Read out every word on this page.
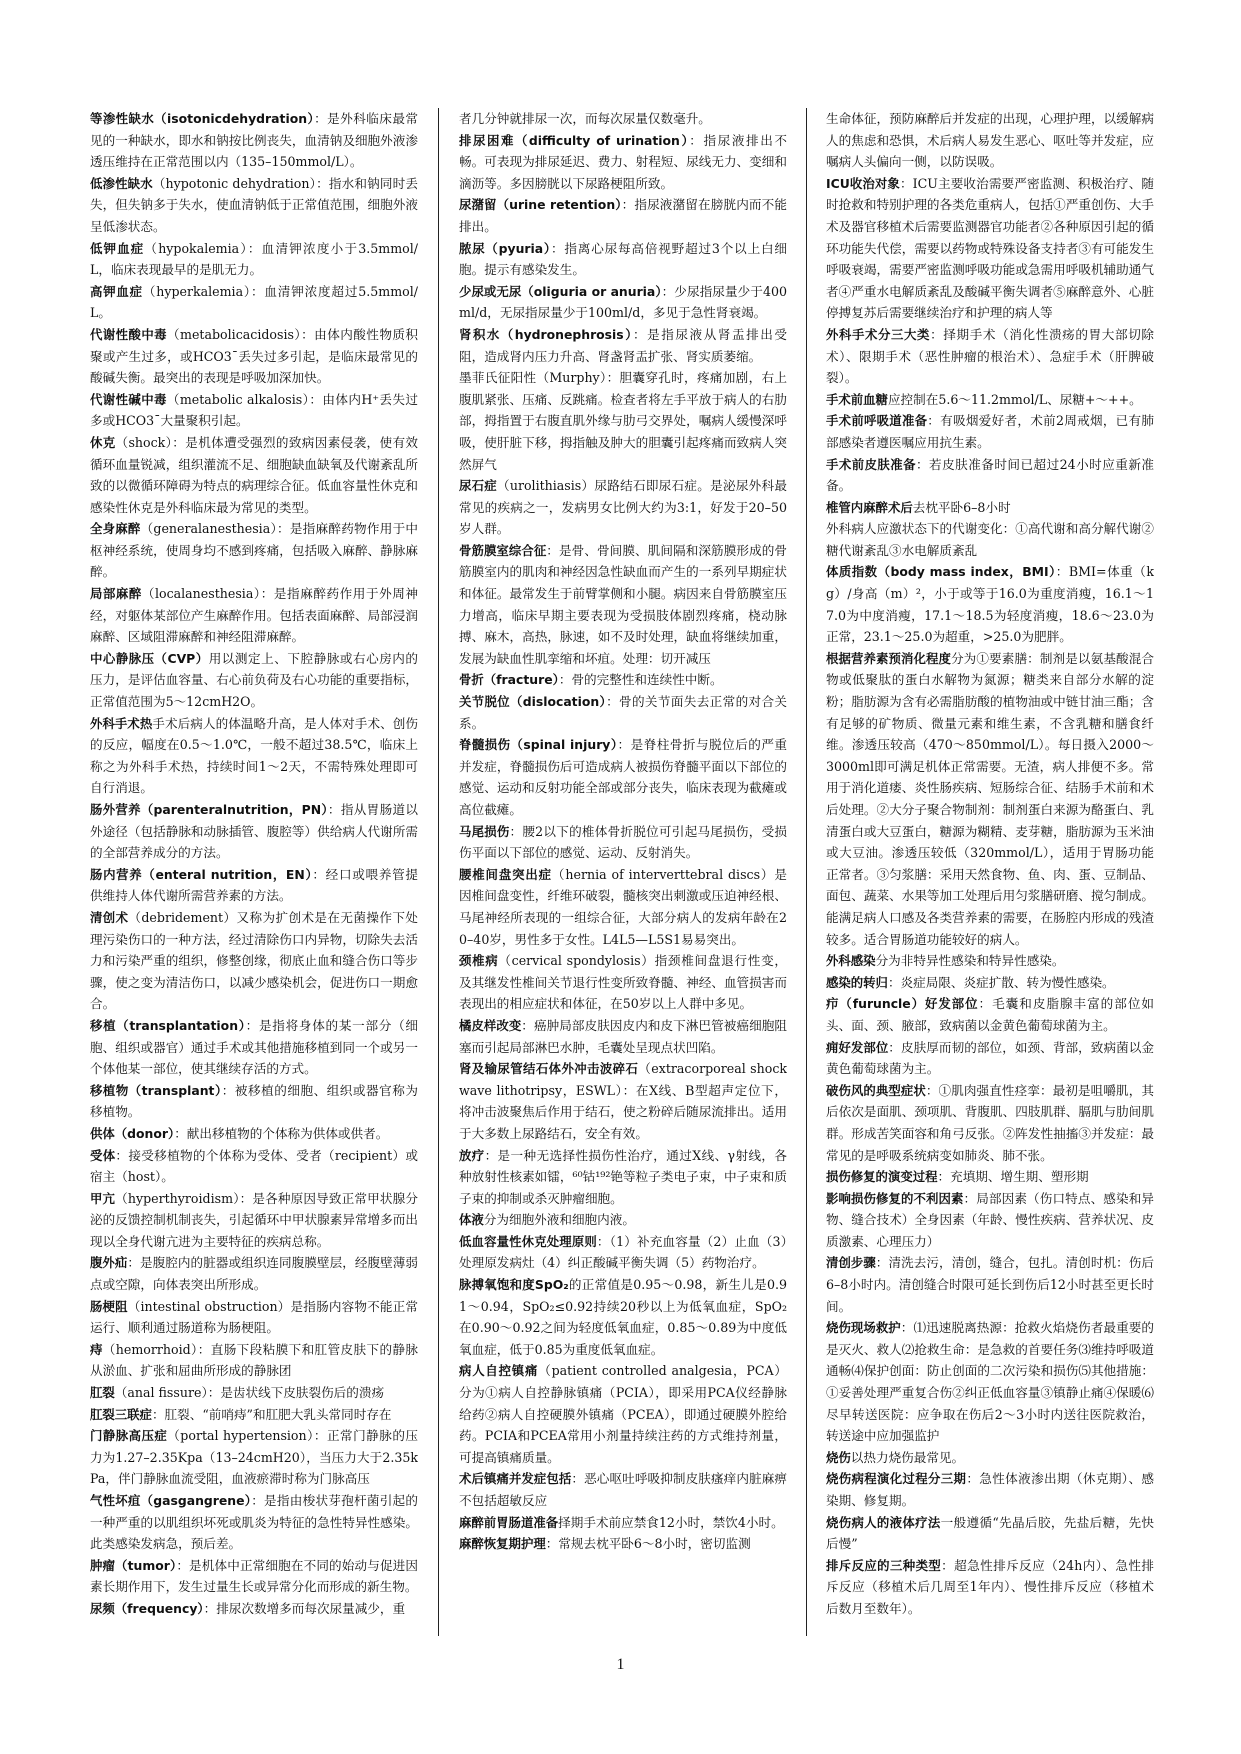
等渗性缺水（isotonicdehydration）：是外科临床最常见的一种缺水，即水和钠按比例丧失，血清钠及细胞外液渗透压维持在正常范围以内（135–150mmol/L）。

低渗性缺水（hypotonic dehydration）：指水和钠同时丢失，但失钠多于失水，使血清钠低于正常值范围，细胞外液呈低渗状态。

低钾血症（hypokalemia）：血清钾浓度小于3.5mmol/L，临床表现最早的是肌无力。

高钾血症（hyperkalemia）：血清钾浓度超过5.5mmol/L。

代谢性酸中毒（metabolicacidosis）：由体内酸性物质积聚或产生过多，或HCO3¯丢失过多引起，是临床最常见的酸碱失衡。最突出的表现是呼吸加深加快。

代谢性碱中毒（metabolic alkalosis）：由体内H⁺丢失过多或HCO3¯大量聚积引起。

休克（shock）：是机体遭受强烈的致病因素侵袭，使有效循环血量锐减，组织灌流不足、细胞缺血缺氧及代谢紊乱所致的以微循环障碍为特点的病理综合征。低血容量性休克和感染性休克是外科临床最为常见的类型。

全身麻醉（generalanesthesia）：是指麻醉药物作用于中枢神经系统，使周身均不感到疼痛，包括吸入麻醉、静脉麻醉。

局部麻醉（localanesthesia）：是指麻醉药作用于外周神经，对躯体某部位产生麻醉作用。包括表面麻醉、局部浸润麻醉、区域阻滞麻醉和神经阻滞麻醉。

中心静脉压（CVP）用以测定上、下腔静脉或右心房内的压力，是评估血容量、右心前负荷及右心功能的重要指标，正常值范围为5～12cmH2O。

外科手术热手术后病人的体温略升高，是人体对手术、创伤的反应，幅度在0.5～1.0℃，一般不超过38.5℃，临床上称之为外科手术热，持续时间1～2天，不需特殊处理即可自行消退。

肠外营养（parenteralnutrition，PN）：指从胃肠道以外途径（包括静脉和动脉插管、腹腔等）供给病人代谢所需的全部营养成分的方法。

肠内营养（enteral nutrition，EN）：经口或喂养管提供维持人体代谢所需营养素的方法。

清创术（debridement）又称为扩创术是在无菌操作下处理污染伤口的一种方法，经过清除伤口内异物，切除失去活力和污染严重的组织，修整创缘，彻底止血和缝合伤口等步骤，使之变为清洁伤口，以减少感染机会，促进伤口一期愈合。

移植（transplantation）：是指将身体的某一部分（细胞、组织或器官）通过手术或其他措施移植到同一个或另一个体他某一部位，使其继续存活的方式。

移植物（transplant）：被移植的细胞、组织或器官称为移植物。

供体（donor）：献出移植物的个体称为供体或供者。

受体：接受移植物的个体称为受体、受者（recipient）或宿主（host）。

甲亢（hyperthyroidism）：是各种原因导致正常甲状腺分泌的反馈控制机制丧失，引起循环中甲状腺素异常增多而出现以全身代谢亢进为主要特征的疾病总称。

腹外疝：是腹腔内的脏器或组织连同腹膜壁层，经腹壁薄弱点或空隙，向体表突出所形成。

肠梗阻（intestinal obstruction）是指肠内容物不能正常运行、顺利通过肠道称为肠梗阻。

痔（hemorrhoid）：直肠下段粘膜下和肛管皮肤下的静脉从淤血、扩张和屈曲所形成的静脉团

肛裂（anal fissure）：是齿状线下皮肤裂伤后的溃疡

肛裂三联症：肛裂、“前哨痔”和肛肥大乳头常同时存在

门静脉高压症（portal hypertension）：正常门静脉的压力为1.27–2.35Kpa（13–24cmH20），当压力大于2.35kPa，伴门静脉血流受阻，血液瘀滞时称为门脉高压

气性坏疽（gasgangrene）：是指由梭状芽孢杆菌引起的一种严重的以肌组织坏死或肌炎为特征的急性特异性感染。此类感染发病急，预后差。

肿瘤（tumor）：是机体中正常细胞在不同的始动与促进因素长期作用下，发生过量生长或异常分化而形成的新生物。

尿频（frequency）：排尿次数增多而每次尿量减少，重

者几分钟就排尿一次，而每次尿量仅数毫升。

排尿困难（difficulty of urination）：指尿液排出不畅。可表现为排尿延迟、费力、射程短、尿线无力、变细和滴沥等。多因膀胱以下尿路梗阻所致。

尿潴留（urine retention）：指尿液潴留在膀胱内而不能排出。

脓尿（pyuria）：指离心尿每高倍视野超过3个以上白细胞。提示有感染发生。

少尿或无尿（oliguria or anuria）：少尿指尿量少于400ml/d，无尿指尿量少于100ml/d，多见于急性肾衰竭。

肾积水（hydronephrosis）：是指尿液从肾盂排出受阻，造成肾内压力升高、肾盏肾盂扩张、肾实质萎缩。

墨菲氏征阳性（Murphy）：胆囊穿孔时，疼痛加剧，右上腹肌紧张、压痛、反跳痛。检查者将左手平放于病人的右肋部，拇指置于右腹直肌外缘与肋弓交界处，嘱病人缓慢深呼吸，使肝脏下移，拇指触及肿大的胆囊引起疼痛而致病人突然屏气

尿石症（urolithiasis）尿路结石即尿石症。是泌尿外科最常见的疾病之一，发病男女比例大约为3:1，好发于20–50岁人群。

骨筋膜室综合征：是骨、骨间膜、肌间隔和深筋膜形成的骨筋膜室内的肌肉和神经因急性缺血而产生的一系列早期症状和体征。最常发生于前臂掌侧和小腿。病因来自骨筋膜室压力增高，临床早期主要表现为受损肢体剧烈疼痛，桡动脉搏、麻木，高热，脉速，如不及时处理，缺血将继续加重，发展为缺血性肌挛缩和坏疽。处理：切开减压

骨折（fracture）：骨的完整性和连续性中断。

关节脱位（dislocation）：骨的关节面失去正常的对合关系。

脊髓损伤（spinal injury）：是脊柱骨折与脱位后的严重并发症，脊髓损伤后可造成病人被损伤脊髓平面以下部位的感觉、运动和反射功能全部或部分丧失，临床表现为截瘫或高位截瘫。

马尾损伤：腰2以下的椎体骨折脱位可引起马尾损伤，受损伤平面以下部位的感觉、运动、反射消失。

腰椎间盘突出症（hernia of interverttebral discs）是因椎间盘变性，纤维环破裂，髓核突出刺激或压迫神经根、马尾神经所表现的一组综合征，大部分病人的发病年龄在20–40岁，男性多于女性。L4L5—L5S1易易突出。

颈椎病（cervical spondylosis）指颈椎间盘退行性变，及其继发性椎间关节退行性变所致脊髓、神经、血管损害而表现出的相应症状和体征，在50岁以上人群中多见。

橘皮样改变：癌肿局部皮肤因皮内和皮下淋巴管被癌细胞阻塞而引起局部淋巴水肿，毛囊处呈现点状凹陷。

肾及输尿管结石体外冲击波碎石（extracorporeal shockwave lithotripsy，ESWL）：在X线、B型超声定位下，将冲击波聚焦后作用于结石，使之粉碎后随尿流排出。适用于大多数上尿路结石，安全有效。

放疗：是一种无选择性损伤性治疗，通过X线、γ射线，各种放射性核素如镭，⁶⁰钴¹⁹²铯等粒子类电子束，中子束和质子束的抑制或杀灭肿瘤细胞。

体液分为细胞外液和细胞内液。

低血容量性休克处理原则：（1）补充血容量（2）止血（3）处理原发病灶（4）纠正酸碱平衡失调（5）药物治疗。

脉搏氧饱和度SpO₂的正常值是0.95～0.98，新生儿是0.91～0.94，SpO₂≤0.92持续20秒以上为低氧血症，SpO₂在0.90～0.92之间为轻度低氧血症，0.85～0.89为中度低氧血症，低于0.85为重度低氧血症。

病人自控镇痛（patient controlled analgesia，PCA）分为①病人自控静脉镇痛（PCIA），即采用PCA仪经静脉给药②病人自控硬膜外镇痛（PCEA），即通过硬膜外腔给药。PCIA和PCEA常用小剂量持续注药的方式维持剂量，可提高镇痛质量。

术后镇痛并发症包括：恶心呕吐呼吸抑制皮肤瘙痒内脏麻痹不包括超敏反应

麻醉前胃肠道准备择期手术前应禁食12小时，禁饮4小时。

麻醉恢复期护理：常规去枕平卧6～8小时，密切监测

生命体征，预防麻醉后并发症的出现，心理护理，以缓解病人的焦虑和恐惧，术后病人易发生恶心、呕吐等并发症，应嘱病人头偏向一侧，以防误吸。

ICU收治对象：ICU主要收治需要严密监测、积极治疗、随时抢救和特别护理的各类危重病人，包括①严重创伤、大手术及器官移植术后需要监测器官功能者②各种原因引起的循环功能失代偿，需要以药物或特殊设备支持者③有可能发生呼吸衰竭，需要严密监测呼吸功能或急需用呼吸机辅助通气者④严重水电解质紊乱及酸碱平衡失调者⑤麻醉意外、心脏停搏复苏后需要继续治疗和护理的病人等

外科手术分三大类：择期手术（消化性溃疡的胃大部切除术）、限期手术（恶性肿瘤的根治术）、急症手术（肝脾破裂）。

手术前血糖应控制在5.6～11.2mmol/L、尿糖+～++。

手术前呼吸道准备：有吸烟爱好者，术前2周戒烟，已有肺部感染者遵医嘱应用抗生素。

手术前皮肤准备：若皮肤准备时间已超过24小时应重新准备。

椎管内麻醉术后去枕平卧6–8小时

外科病人应激状态下的代谢变化：①高代谢和高分解代谢②糖代谢紊乱③水电解质紊乱

体质指数（body mass index，BMI）：BMI=体重（kg）/身高（m）²，小于或等于16.0为重度消瘦，16.1～17.0为中度消瘦，17.1～18.5为轻度消瘦，18.6～23.0为正常，23.1～25.0为超重，>25.0为肥胖。

根据营养素预消化程度分为①要素膳：制剂是以氨基酸混合物或低聚肽的蛋白水解物为氮源；糖类来自部分水解的淀粉；脂肪源为含有必需脂肪酸的植物油或中链甘油三酯；含有足够的矿物质、微量元素和维生素，不含乳糖和膳食纤维。渗透压较高（470～850mmol/L）。每日摄入2000～3000ml即可满足机体正常需要。无渣，病人排便不多。常用于消化道瘘、炎性肠疾病、短肠综合征、结肠手术前和术后处理。②大分子聚合物制剂：制剂蛋白来源为酪蛋白、乳清蛋白或大豆蛋白，糖源为糊精、麦芽糖，脂肪源为玉米油或大豆油。渗透压较低（320mmol/L），适用于胃肠功能正常者。③匀浆膳：采用天然食物、鱼、肉、蛋、豆制品、面包、蔬菜、水果等加工处理后用匀浆膳研磨、搅匀制成。能满足病人口感及各类营养素的需要，在肠腔内形成的残渣较多。适合胃肠道功能较好的病人。

外科感染分为非特异性感染和特异性感染。

感染的转归：炎症局限、炎症扩散、转为慢性感染。

疖（furuncle）好发部位：毛囊和皮脂腺丰富的部位如头、面、颈、腋部，致病菌以金黄色葡萄球菌为主。

痈好发部位：皮肤厚而韧的部位，如颈、背部，致病菌以金黄色葡萄球菌为主。

破伤风的典型症状：①肌肉强直性痉挛：最初是咀嚼肌，其后依次是面肌、颈项肌、背腹肌、四肢肌群、膈肌与肋间肌群。形成苦笑面容和角弓反张。②阵发性抽搐③并发症：最常见的是呼吸系统病变如肺炎、肺不张。

损伤修复的演变过程：充填期、增生期、塑形期

影响损伤修复的不利因素：局部因素（伤口特点、感染和异物、缝合技术）全身因素（年龄、慢性疾病、营养状况、皮质激素、心理压力）

清创步骤：清洗去污，清创，缝合，包扎。清创时机：伤后6–8小时内。清创缝合时限可延长到伤后12小时甚至更长时间。

烧伤现场救护：⑴迅速脱离热源：抢救火焰烧伤者最重要的是灭火、救人⑵抢救生命：是急救的首要任务⑶维持呼吸道通畅⑷保护创面：防止创面的二次污染和损伤⑸其他措施：①妥善处理严重复合伤②纠正低血容量③镇静止痛④保暖⑹尽早转送医院：应争取在伤后2～3小时内送往医院救治，转送途中应加强监护

烧伤以热力烧伤最常见。

烧伤病程演化过程分三期：急性体液渗出期（休克期）、感染期、修复期。

烧伤病人的液体疗法一般遵循“先晶后胶，先盐后糖，先快后慢”

排斥反应的三种类型：超急性排斥反应（24h内）、急性排斥反应（移植术后几周至1年内）、慢性排斥反应（移植术后数月至数年）。

1
